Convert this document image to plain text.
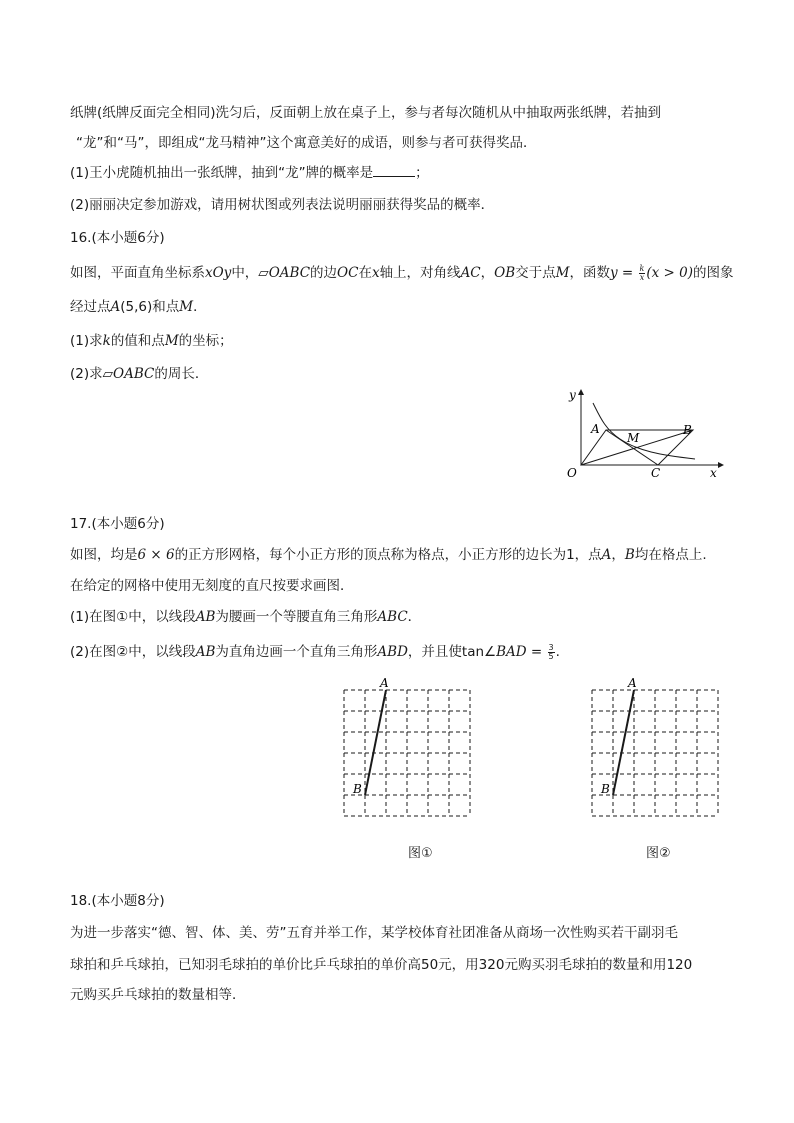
纸牌(纸牌反面完全相同)洗匀后，反面朝上放在桌子上，参与者每次随机从中抽取两张纸牌，若抽到
“龙”和“马”，即组成“龙马精神”这个寓意美好的成语，则参与者可获得奖品．
(1)王小虎随机抽出一张纸牌，抽到“龙”牌的概率是	；
(2)丽丽决定参加游戏，请用树状图或列表法说明丽丽获得奖品的概率．
16.(本小题6分)
如图，平面直角坐标系xOy中，▱OABC的边OC在x轴上，对角线AC，OB交于点M，函数$y = \frac{k}{x} (x > 0)$的图象
经过点A(5,6)和点M．
(1)求k的值和点M的坐标；
(2)求▱OABC的周长．
y
x
O
A
M
B
C
17.(本小题6分)
如图，均是6 × 6的正方形网格，每个小正方形的顶点称为格点，小正方形的边长为1，点A，B均在格点上.
在给定的网格中使用无刻度的直尺按要求画图．
(1)在图①中，以线段AB为腰画一个等腰直角三角形ABC．
(2)在图②中，以线段AB为直角边画一个直角三角形ABD，并且使tan∠BAD = $\frac{3}{5}$ .
A
B
图①
A
B
图②
18.(本小题8分)
为进一步落实“德、智、体、美、劳”五育并举工作，某学校体育社团准备从商场一次性购买若干副羽毛
球拍和乒乓球拍，已知羽毛球拍的单价比乒乓球拍的单价高50元，用320元购买羽毛球拍的数量和用120
元购买乒乓球拍的数量相等．
